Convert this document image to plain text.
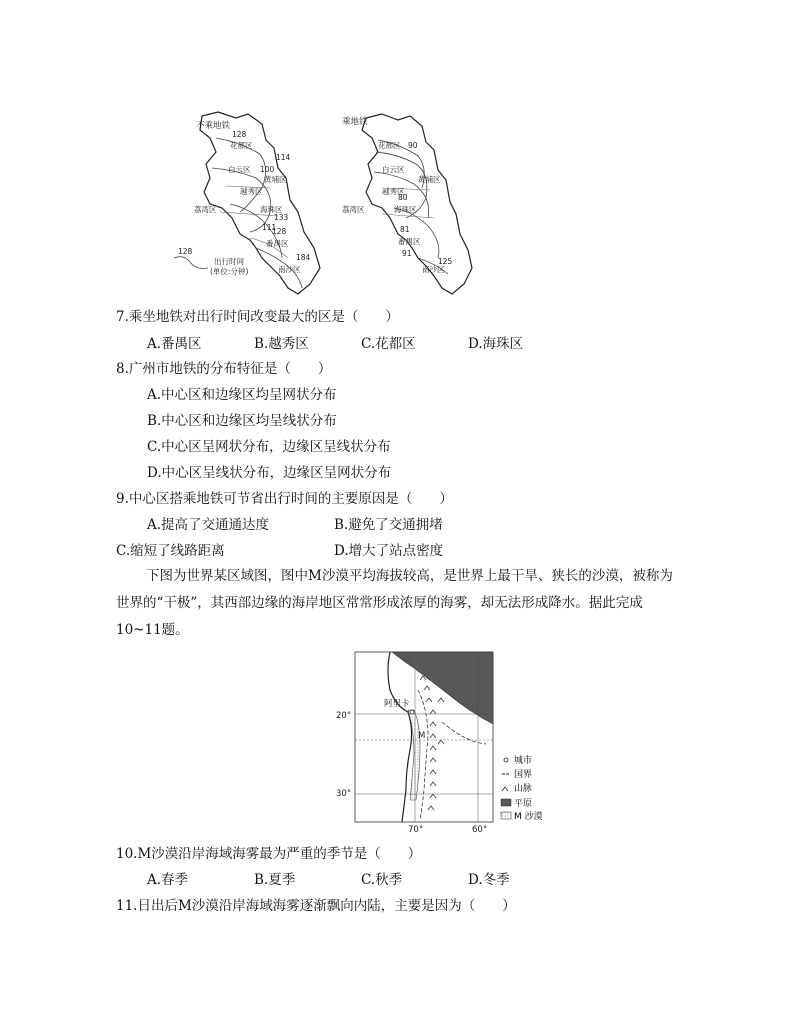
不乘地铁
128
花都区
114
100
白云区
黄埔区
越秀区
荔湾区	海珠区
133
111
128
番禺区
184
南沙区
128
出行时间
(单位:分钟)
乘地铁
花都区 90
白云区
黄埔区
越秀区
80
荔湾区	海珠区
81
番禺区
91
125
南沙区
7.乘坐地铁对出行时间改变最大的区是（　　）
A.番禺区	B.越秀区	C.花都区	D.海珠区
8.广州市地铁的分布特征是（　　）
A.中心区和边缘区均呈网状分布
B.中心区和边缘区均呈线状分布
C.中心区呈网状分布，边缘区呈线状分布
D.中心区呈线状分布，边缘区呈网状分布
9.中心区搭乘地铁可节省出行时间的主要原因是（　　）
A.提高了交通通达度	B.避免了交通拥堵
C.缩短了线路距离	D.增大了站点密度
下图为世界某区域图，图中M沙漠平均海拔较高，是世界上最干旱、狭长的沙漠，被称为世界的“干极”，其西部边缘的海岸地区常常形成浓厚的海雾，却无法形成降水。据此完成10~11题。
阿里卡
M
20°
30°
70°	60°
城市
国界
山脉
平原
M 沙漠
10.M沙漠沿岸海域海雾最为严重的季节是（　　）
A.春季	B.夏季	C.秋季	D.冬季
11.日出后M沙漠沿岸海域海雾逐渐飘向内陆，主要是因为（　　）
